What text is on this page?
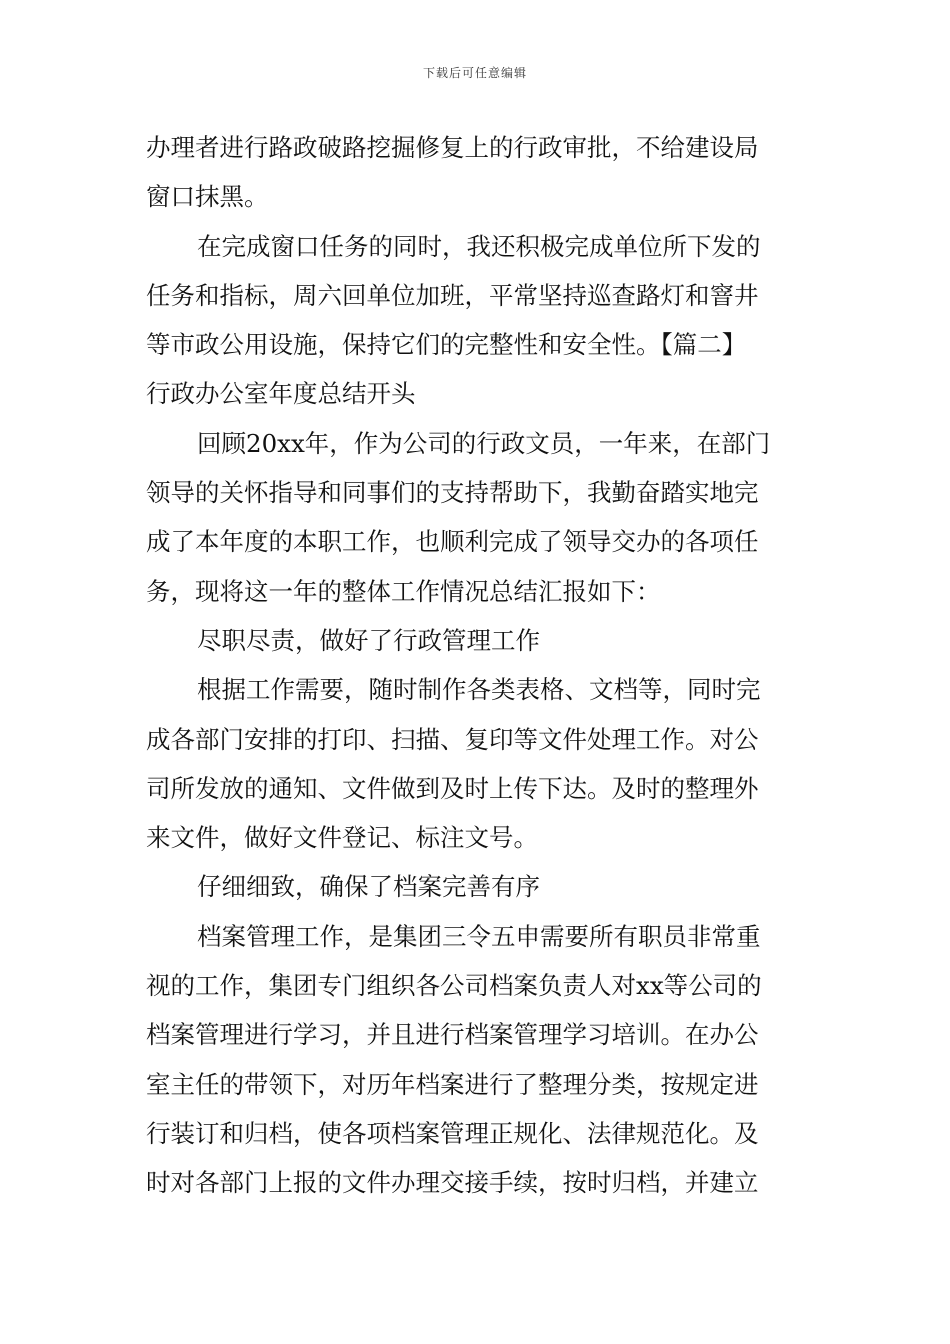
下载后可任意编辑
办理者进行路政破路挖掘修复上的行政审批，不给建设局
窗口抹黑。
在完成窗口任务的同时，我还积极完成单位所下发的
任务和指标，周六回单位加班，平常坚持巡查路灯和窨井
等市政公用设施，保持它们的完整性和安全性。【篇二】
行政办公室年度总结开头
回顾20xx年，作为公司的行政文员，一年来，在部门
领导的关怀指导和同事们的支持帮助下，我勤奋踏实地完
成了本年度的本职工作，也顺利完成了领导交办的各项任
务，现将这一年的整体工作情况总结汇报如下：
尽职尽责，做好了行政管理工作
根据工作需要，随时制作各类表格、文档等，同时完
成各部门安排的打印、扫描、复印等文件处理工作。对公
司所发放的通知、文件做到及时上传下达。及时的整理外
来文件，做好文件登记、标注文号。
仔细细致，确保了档案完善有序
档案管理工作，是集团三令五申需要所有职员非常重
视的工作，集团专门组织各公司档案负责人对xx等公司的
档案管理进行学习，并且进行档案管理学习培训。在办公
室主任的带领下，对历年档案进行了整理分类，按规定进
行装订和归档，使各项档案管理正规化、法律规范化。及
时对各部门上报的文件办理交接手续，按时归档，并建立
